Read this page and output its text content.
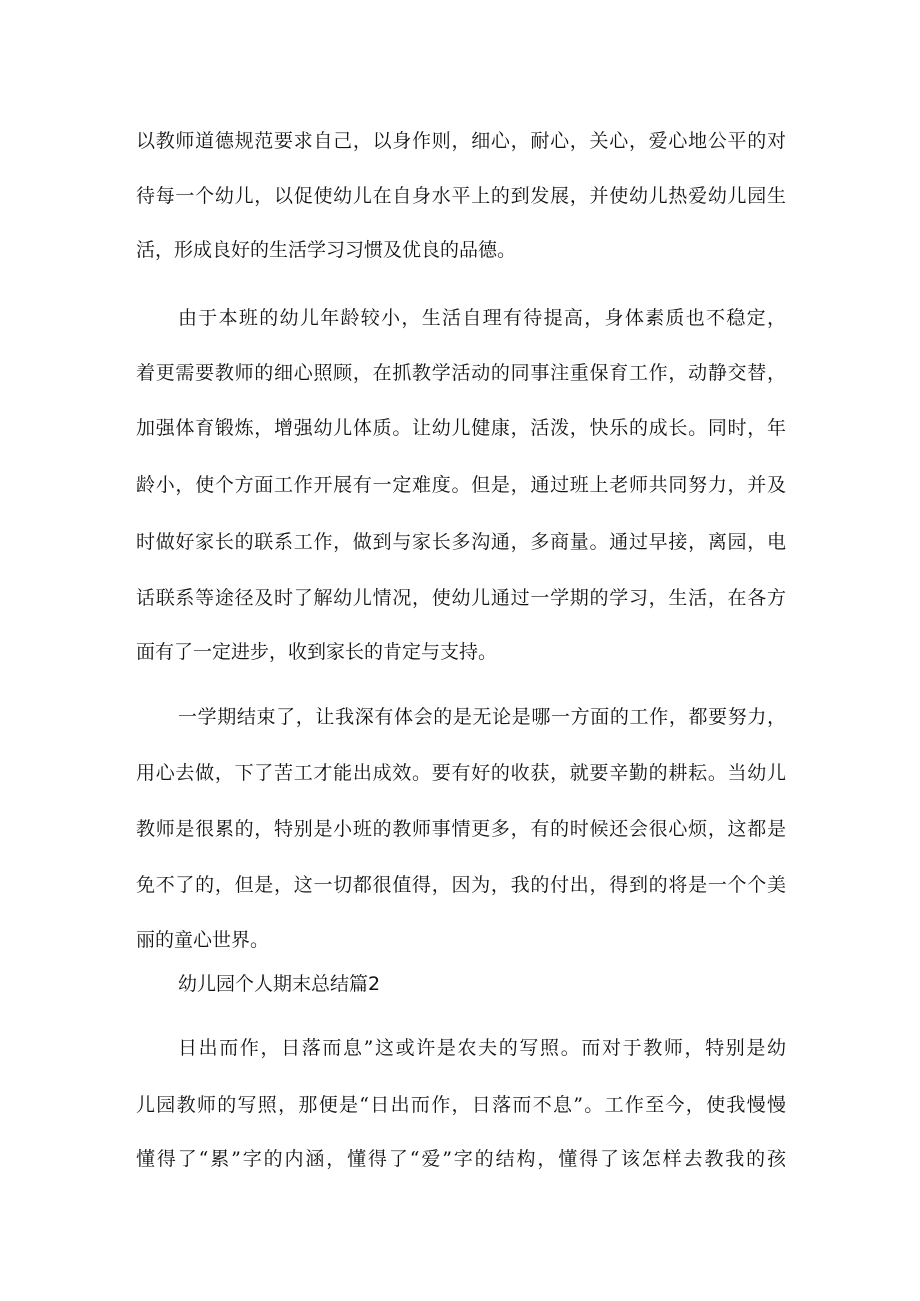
以教师道德规范要求自己，以身作则，细心，耐心，关心，爱心地公平的对
待每一个幼儿，以促使幼儿在自身水平上的到发展，并使幼儿热爱幼儿园生
活，形成良好的生活学习习惯及优良的品德。
由于本班的幼儿年龄较小，生活自理有待提高，身体素质也不稳定，
着更需要教师的细心照顾，在抓教学活动的同事注重保育工作，动静交替，
加强体育锻炼，增强幼儿体质。让幼儿健康，活泼，快乐的成长。同时，年
龄小，使个方面工作开展有一定难度。但是，通过班上老师共同努力，并及
时做好家长的联系工作，做到与家长多沟通，多商量。通过早接，离园，电
话联系等途径及时了解幼儿情况，使幼儿通过一学期的学习，生活，在各方
面有了一定进步，收到家长的肯定与支持。
一学期结束了，让我深有体会的是无论是哪一方面的工作，都要努力，
用心去做，下了苦工才能出成效。要有好的收获，就要辛勤的耕耘。当幼儿
教师是很累的，特别是小班的教师事情更多，有的时候还会很心烦，这都是
免不了的，但是，这一切都很值得，因为，我的付出，得到的将是一个个美
丽的童心世界。
幼儿园个人期末总结篇2
日出而作，日落而息”这或许是农夫的写照。而对于教师，特别是幼
儿园教师的写照，那便是“日出而作，日落而不息”。工作至今，使我慢慢
懂得了“累”字的内涵，懂得了“爱”字的结构，懂得了该怎样去教我的孩
